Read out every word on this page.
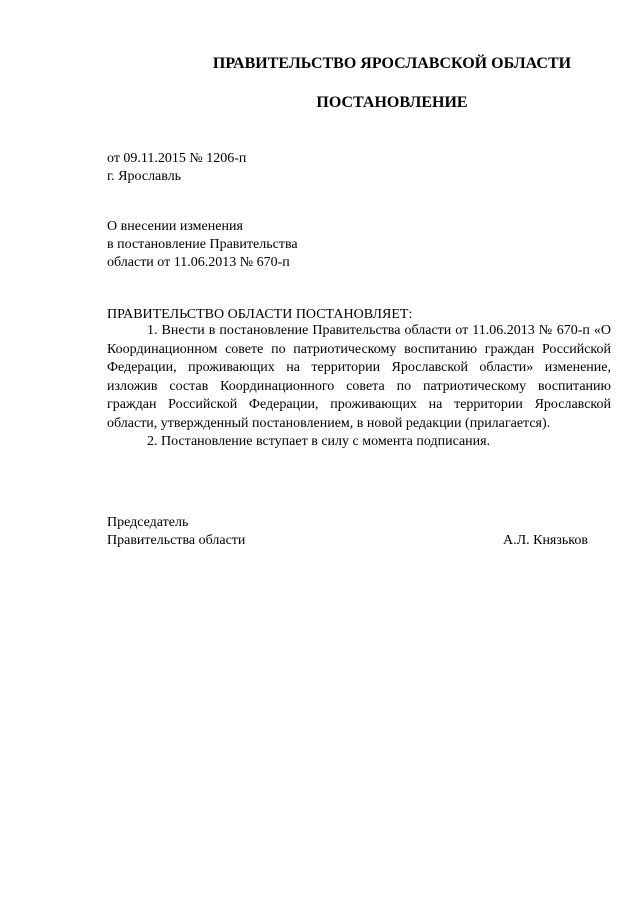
ПРАВИТЕЛЬСТВО ЯРОСЛАВСКОЙ ОБЛАСТИ
ПОСТАНОВЛЕНИЕ
от 09.11.2015 № 1206-п
г. Ярославль
О внесении изменения
в постановление Правительства
области от 11.06.2013 № 670-п
ПРАВИТЕЛЬСТВО ОБЛАСТИ ПОСТАНОВЛЯЕТ:

1. Внести в постановление Правительства области от 11.06.2013 № 670-п «О Координационном совете по патриотическому воспитанию граждан Российской Федерации, проживающих на территории Ярославской области» изменение, изложив состав Координационного совета по патриотическому воспитанию граждан Российской Федерации, проживающих на территории Ярославской области, утвержденный постановлением, в новой редакции (прилагается).

2. Постановление вступает в силу с момента подписания.

Председатель
Правительства области	А.Л. Князьков
